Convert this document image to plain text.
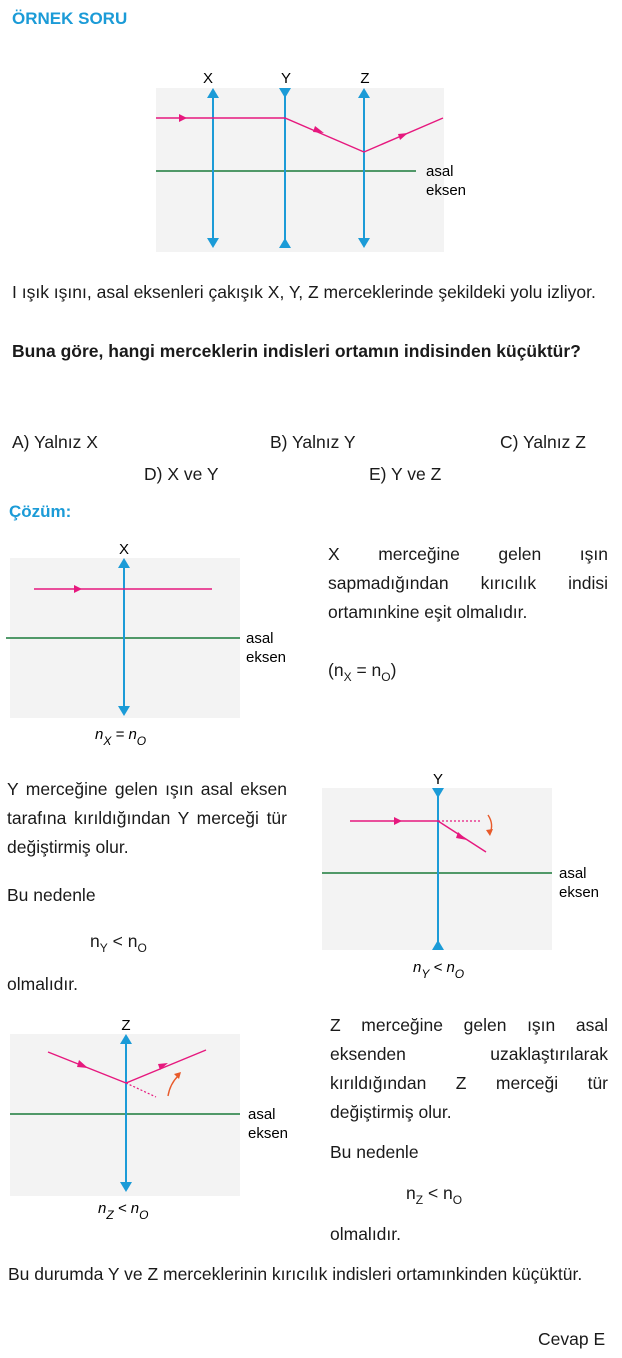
ÖRNEK SORU
X	Y	Z
asal
eksen
I ışık ışını, asal eksenleri çakışık X, Y, Z merceklerinde şekildeki yolu izliyor.
Buna göre, hangi merceklerin indisleri ortamın indisinden küçüktür?
A) Yalnız X	B) Yalnız Y	C) Yalnız Z
D) X ve Y	E) Y ve Z
Çözüm:
X
asal
eksen
$n_X = n_O$
X merceğine gelen ışın sapmadığından kırıcılık indisi ortamınkine eşit olmalıdır.
$(n_X = n_O)$
Y merceğine gelen ışın asal eksen tarafına kırıldığından Y merceği tür değiştirmiş olur.
Bu nedenle
$n_Y < n_O$
olmalıdır.
Y
asal
eksen
$n_Y < n_O$
Z
asal
eksen
$n_Z < n_O$
Z merceğine gelen ışın asal eksenden uzaklaştırılarak kırıldığından Z merceği tür değiştirmiş olur.
Bu nedenle
$n_Z < n_O$
olmalıdır.
Bu durumda Y ve Z merceklerinin kırıcılık indisleri ortamınkinden küçüktür.
Cevap E
